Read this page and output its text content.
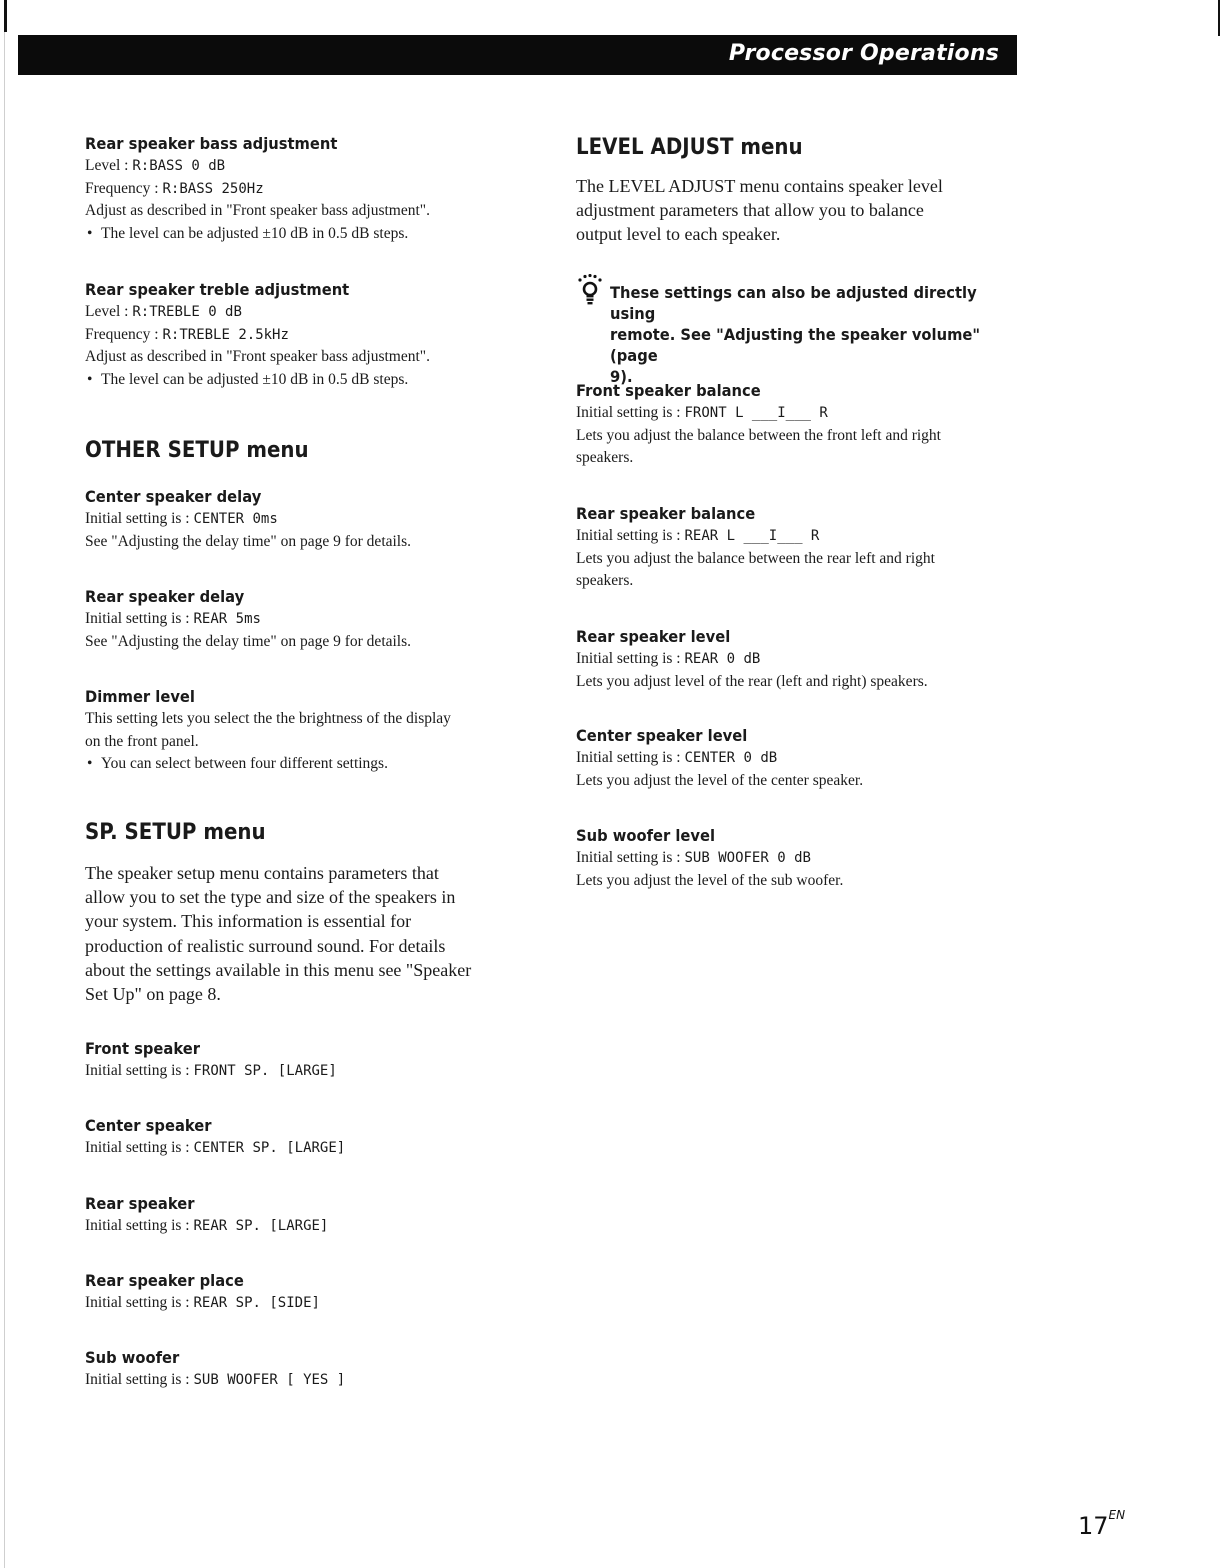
Processor Operations

Rear speaker bass adjustment

Level : R:BASS 0 dB

Frequency : R:BASS 250Hz

Adjust as described in "Front speaker bass adjustment".

• The level can be adjusted ±10 dB in 0.5 dB steps.

Rear speaker treble adjustment

Level : R:TREBLE 0 dB

Frequency : R:TREBLE 2.5kHz

Adjust as described in "Front speaker bass adjustment".

• The level can be adjusted ±10 dB in 0.5 dB steps.

OTHER SETUP menu

Center speaker delay

Initial setting is : CENTER 0ms

See "Adjusting the delay time" on page 9 for details.

Rear speaker delay

Initial setting is : REAR 5ms

See "Adjusting the delay time" on page 9 for details.

Dimmer level

This setting lets you select the the brightness of the display

on the front panel.

• You can select between four different settings.

SP. SETUP menu

The speaker setup menu contains parameters that

allow you to set the type and size of the speakers in

your system. This information is essential for

production of realistic surround sound. For details

about the settings available in this menu see "Speaker

Set Up" on page 8.

Front speaker

Initial setting is : FRONT SP. [LARGE]

Center speaker

Initial setting is : CENTER SP. [LARGE]

Rear speaker

Initial setting is : REAR SP. [LARGE]

Rear speaker place

Initial setting is : REAR SP. [SIDE]

Sub woofer

Initial setting is : SUB WOOFER [ YES ]

LEVEL ADJUST menu

The LEVEL ADJUST menu contains speaker level

adjustment parameters that allow you to balance

output level to each speaker.

These settings can also be adjusted directly using

remote. See "Adjusting the speaker volume" (page

9).

Front speaker balance

Initial setting is : FRONT L ___I___ R

Lets you adjust the balance between the front left and right

speakers.

Rear speaker balance

Initial setting is : REAR L ___I___ R

Lets you adjust the balance between the rear left and right

speakers.

Rear speaker level

Initial setting is : REAR 0 dB

Lets you adjust level of the rear (left and right) speakers.

Center speaker level

Initial setting is : CENTER 0 dB

Lets you adjust the level of the center speaker.

Sub woofer level

Initial setting is : SUB WOOFER 0 dB

Lets you adjust the level of the sub woofer.

$17^{EN}$
